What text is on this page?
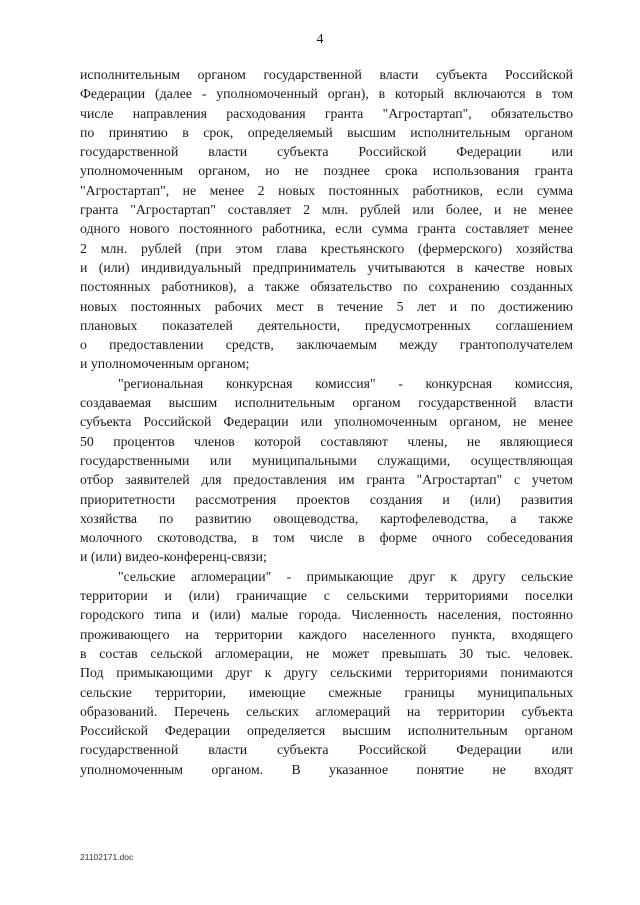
4
исполнительным органом государственной власти субъекта Российской
Федерации (далее - уполномоченный орган), в который включаются в том
числе направления расходования гранта "Агростартап", обязательство
по принятию в срок, определяемый высшим исполнительным органом
государственной власти субъекта Российской Федерации или
уполномоченным органом, но не позднее срока использования гранта
"Агростартап", не менее 2 новых постоянных работников, если сумма
гранта "Агростартап" составляет 2 млн. рублей или более, и не менее
одного нового постоянного работника, если сумма гранта составляет менее
2 млн. рублей (при этом глава крестьянского (фермерского) хозяйства
и (или) индивидуальный предприниматель учитываются в качестве новых
постоянных работников), а также обязательство по сохранению созданных
новых постоянных рабочих мест в течение 5 лет и по достижению
плановых показателей деятельности, предусмотренных соглашением
о предоставлении средств, заключаемым между грантополучателем
и уполномоченным органом;
"региональная конкурсная комиссия" - конкурсная комиссия,
создаваемая высшим исполнительным органом государственной власти
субъекта Российской Федерации или уполномоченным органом, не менее
50 процентов членов которой составляют члены, не являющиеся
государственными или муниципальными служащими, осуществляющая
отбор заявителей для предоставления им гранта "Агростартап" с учетом
приоритетности рассмотрения проектов создания и (или) развития
хозяйства по развитию овощеводства, картофелеводства, а также
молочного скотоводства, в том числе в форме очного собеседования
и (или) видео-конференц-связи;
"сельские агломерации" - примыкающие друг к другу сельские
территории и (или) граничащие с сельскими территориями поселки
городского типа и (или) малые города. Численность населения, постоянно
проживающего на территории каждого населенного пункта, входящего
в состав сельской агломерации, не может превышать 30 тыс. человек.
Под примыкающими друг к другу сельскими территориями понимаются
сельские территории, имеющие смежные границы муниципальных
образований. Перечень сельских агломераций на территории субъекта
Российской Федерации определяется высшим исполнительным органом
государственной власти субъекта Российской Федерации или
уполномоченным органом. В указанное понятие не входят
21102171.doc
